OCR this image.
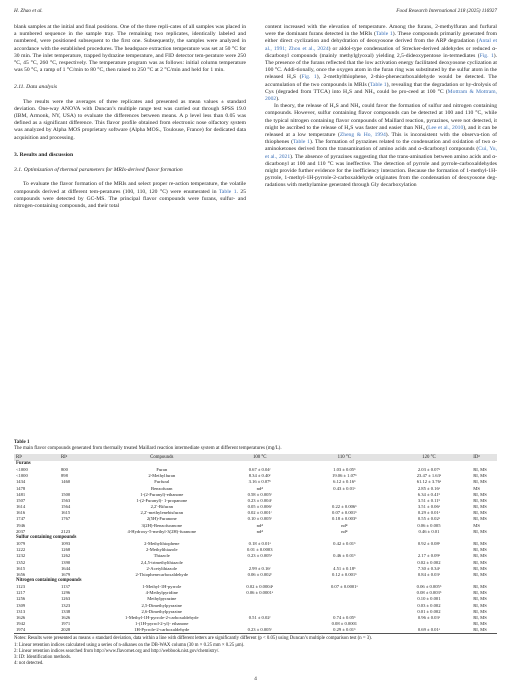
H. Zhao et al.	Food Research International 218 (2025) 116927

blank samples at the initial and final positions. One of the three repli-cates of all samples was placed in a numbered sequence in the sample tray. The remaining two replicates, identically labeled and numbered, were positioned subsequent to the first one. Subsequently, the samples were analyzed in accordance with the established procedures. The headspace extraction temperature was set at 50 °C for 30 min. The inlet temperature, trapped hydrazine temperature, and FID detector tem-perature were 250 °C, 45 °C, 260 °C, respectively. The temperature program was as follows: initial column temperature was 50 °C, a ramp of 1 °C/min to 80 °C, then raised to 250 °C at 2 °C/min and held for 1 min.

2.11. Data analysis

The results were the averages of three replicates and presented as mean values ± standard deviation. One-way ANOVA with Duncan’s multiple range test was carried out through SPSS 19.0 (IBM, Armonk, NY, USA) to evaluate the differences between means. A p level less than 0.05 was defined as a significant difference. This flavor profile obtained from electronic nose olfactory system was analyzed by Alpha MOS proprietary software (Alpha MOS., Toulouse, France) for dedicated data acquisition and processing.

3. Results and discussion

3.1. Optimization of thermal parameters for MRIs-derived flavor formation

To evaluate the flavor formation of the MRIs and select proper re-action temperature, the volatile compounds derived at different tem-peratures (100, 110, 120 °C) were enumerated in Table 1. 25 compounds were detected by GC-MS. The principal flavor compounds were furans, sulfur- and nitrogen-containing compounds, and their total

content increased with the elevation of temperature. Among the furans, 2-methylfuran and furfural were the dominant furans detected in the MRIs (Table 1). These compounds primarily generated from either direct cyclization and dehydration of deoxyosone derived from the ARP degradation (Antal et al., 1991; Zhou et al., 2024) or aldol-type condensation of Strecker-derived aldehydes or reduced α-dicarbonyl compounds (mainly methylglyoxal) yielding 2,5-dideoxypentose in-termediates (Fig. 1). The presence of the furans reflected that the low activation energy facilitated deoxyosone cyclization at 100 °C. Addi-tionally, once the oxygen atom in the furan ring was substituted by the sulfur atom in the released H₂S (Fig. 1), 2-methylthiophene, 2-thio-phenecarboxaldehyde would be detected. The accumulation of the two compounds in MRIs (Table 1), revealing that the degradation or hy-drolysis of Cys (degraded from TTCA) into H₂S and NH₃ could be pro-ceed at 100 °C (Mottram & Mottram, 2002).

In theory, the release of H₂S and NH₃ could favor the formation of sulfur and nitrogen containing compounds. However, sulfur containing flavor compounds can be detected at 100 and 110 °C, while the typical nitrogen containing flavor compounds of Maillard reaction, pyrazines, were not detected, it might be ascribed to the release of H₂S was faster and easier than NH₃ (Lee et al., 2010), and it can be released at a low temperature (Zheng & Ho, 1994). This is inconsistent with the observa-tion of thiophenes (Table 1). The formation of pyrazines related to the condensation and oxidation of two α-aminoketones derived from the transamination of amino acids and α-dicarbonyl compounds (Cui, Yu, et al., 2021). The absence of pyrazines suggesting that the trans-amination between amino acids and α-dicarbonyl at 100 and 110 °C was ineffective. The detection of pyrrole and pyrrole-carboxaldehydes might provide further evidence for the inefficiency interaction. Because the formation of 1-methyl-1H-pyrrole, 1-methyl-1H-pyrrole-2-carboxaldehyde originates from the condensation of deoxyosone deg-radations with methylamine generated through Gly decarboxylation

Table 1
The main flavor compounds generated from thermally treated Maillard reaction intermediate system at different temperatures (mg/L).
RI¹	RI²	Compounds	100 °C	110 °C	120 °C	ID³
Furans						
<1000	800	Furan	0.67 ± 0.04ᶜ	1.03 ± 0.05ᵇ	2.03 ± 0.07ᵃ	RI, MS
<1000	898	2-Methylfuran	8.34 ± 0.40ᶜ	19.06 ± 1.07ᵇ	23.47 ± 1.63ᵃ	RI, MS
1434	1460	Furfural	3.16 ± 0.07ᵇ	6.12 ± 0.16ᵇ	61.12 ± 3.76ᵃ	RI, MS
1478		Benzofuran	nd⁴	0.43 ± 0.01ᵃ	2.85 ± 0.16ᵃ	MS
1481	1500	1-(2-Furanyl)-ethanone	0.58 ± 0.005ᶜ		6.34 ± 0.41ᵇ	RI, MS
1507	1563	1-(2-Furanyl)- 1-propanone	0.23 ± 0.004ᶜ		3.51 ± 0.11ᵇ	RI, MS
1614	1564	2,2′-Bifuran	0.05 ± 0.006ᶜ	0.22 ± 0.006ᵇ	3.51 ± 0.06ᵃ	RI, MS
1616	1615	2,2′-methylenebisfuran	0.02 ± 0.001ᶜ	0.07 ± 0.001ᵇ	0.29 ± 0.01ᵃ	RI, MS
1747	1767	2(5H)-Furanone	0.10 ± 0.005ᶜ	0.18 ± 0.003ᵇ	0.55 ± 0.02ᵃ	RI, MS
1946		3(2H)-Benzofuranone	nd⁴	nd⁴	0.06 ± 0.005	MS
2037	2123	4-Hydroxy-5-methyl-3(2H)-furanone	nd⁴	nd⁴	0.46 ± 0.01	RI, MS
Sulfur containing compounds						
1079	1093	2-Methylthiophene	0.18 ± 0.01ᵃ	0.42 ± 0.01ᵇ	0.92 ± 0.08ᵃ	RI, MS
1222	1268	2-Methylthiazole	0.01 ± 0.0003			RI, MS
1232	1262	Thiazole	0.23 ± 0.005ᵃ	0.46 ± 0.01ᵇ	2.17 ± 0.09ᵃ	RI, MS
1352	1390	2,4,5-trimethylthiazole			0.02 ± 0.002	RI, MS
1615	1644	2-Acetylthiazole	2.99 ± 0.16ᶜ	4.51 ± 0.18ᵇ	7.30 ± 0.34ᵃ	RI, MS
1656	1679	2-Thiophenecarboxaldehyde	0.06 ± 0.002ᶜ	0.12 ± 0.001ᵇ	0.84 ± 0.03ᵃ	RI, MS
Nitrogen containing compounds						
1123	1137	1-Methyl-1H-pyrrole	0.02 ± 0.0004ᵃ	0.07 ± 0.0001ᵃ	0.06 ± 0.005ᵇ	RI, MS
1217	1296	4-Methylpyridine	0.06 ± 0.0001ᵃ		0.08 ± 0.003ᵇ	RI, MS
1256	1263	Methylpyrazine			0.10 ± 0.001	RI, MS
1309	1323	2,5-Dimethylpyrazine			0.03 ± 0.002	RI, MS
1313	1338	2,6-Dimethylpyrazine			0.01 ± 0.002	RI, MS
1626	1626	1-Methyl-1H-pyrrole-2-carboxaldehyde	0.51 ± 0.02ᶜ	0.74 ± 0.05ᵇ	0.96 ± 0.03ᵃ	RI, MS
1942	1971	1-(1H-pyrrol-2-yl)- ethanone		0.08 ± 0.0001		RI, MS
1974	2028	1H-Pyrrole-2-carboxaldehyde	0.23 ± 0.005ᶜ	0.29 ± 0.01ᵇ	0.69 ± 0.01ᵃ	RI, MS
Notes: Results were presented as means ± standard deviation, data within a line with different letters are significantly different (p < 0.05) using Duncan’s multiple comparison test (n = 3).
1: Linear retention indices calculated using a series of n-alkanes on the DB-WAX column (30 m × 0.25 mm × 0.25 μm).
2: Linear retention indices searched from http://www.flavornet.org and http://webbook.nist.gov/chemistry/.
3: ID: Identification methods.
4: not detected.
4
